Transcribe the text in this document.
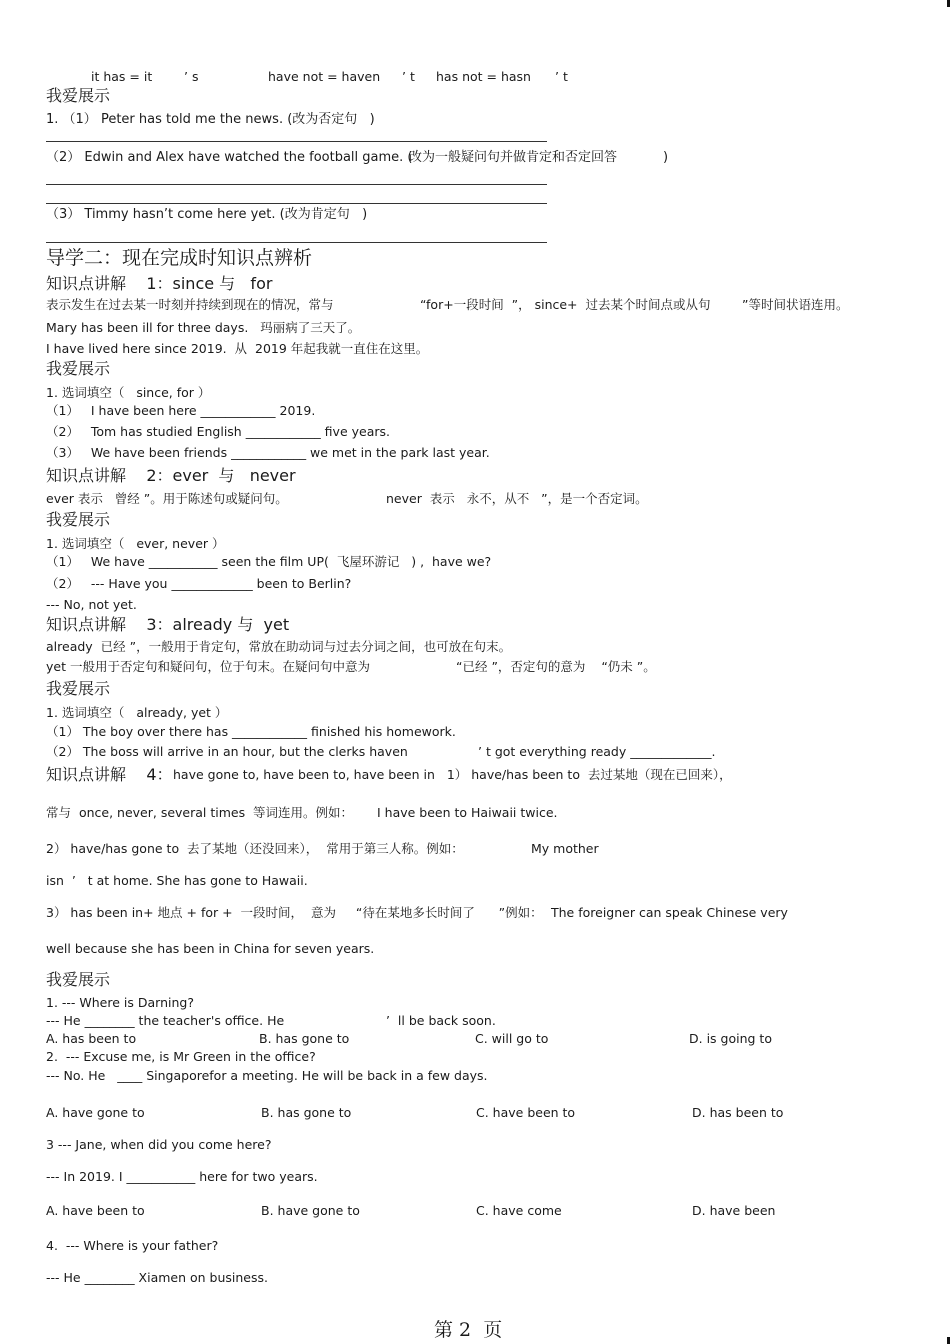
it has = it	’ s	have not = haven ’ t has not = hasn ’ t
我爱展示
1. （1） Peter has told me the news. (改为否定句   )
（2） Edwin and Alex have watched the football game. (
改为一般疑问句并做肯定和否定回答	)
（3） Timmy hasn’t come here yet. (改为肯定句   )
导学二：现在完成时知识点辨析
知识点讲解    1：since 与   for
表示发生在过去某一时刻并持续到现在的情况，常与	“for+一段时间  ”， since+  过去某个时间点或从句	”等时间状语连用。
Mary has been ill for three days.   玛丽病了三天了。
I have lived here since 2019.  从  2019 年起我就一直住在这里。
我爱展示
1. 选词填空（   since, for ）
（1）   I have been here ____________ 2019.
（2）   Tom has studied English ____________ five years.
（3）   We have been friends ____________ we met in the park last year.
知识点讲解    2：ever  与   never
ever 表示   曾经 ”。用于陈述句或疑问句。	never  表示   永不，从不   ”，是一个否定词。
我爱展示
1. 选词填空（   ever, never ）
（1）   We have ___________ seen the film UP(  飞屋环游记   ) ,  have we?
（2）   --- Have you _____________ been to Berlin?
--- No, not yet.
知识点讲解    3：already 与  yet
already  已经 ”，一般用于肯定句，常放在助动词与过去分词之间，也可放在句末。
yet 一般用于否定句和疑问句，位于句末。在疑问句中意为	“已经 ”，否定句的意为    “仍未 ”。
我爱展示
1. 选词填空（   already, yet ）
（1） The boy over there has ____________ finished his homework.
（2） The boss will arrive in an hour, but the clerks haven	’ t got everything ready _____________.
知识点讲解    4： have gone to, have been to, have been in   1） have/has been to  去过某地（现在已回来），
常与  once, never, several times  等词连用。例如： I have been to Haiwaii twice.
2） have/has gone to  去了某地（还没回来），  常用于第三人称。例如：	My mother
isn  ’   t at home. She has gone to Hawaii.
3） has been in+ 地点 + for +  一段时间，  意为     “待在某地多长时间了      ”例如： The foreigner can speak Chinese very
well because she has been in China for seven years.
我爱展示
1. --- Where is Darning?
--- He ________ the teacher's office. He	’  ll be back soon.
A. has been to	B. has gone to	C. will go to	D. is going to
2.  --- Excuse me, is Mr Green in the office?
--- No. He   ____ Singaporefor a meeting. He will be back in a few days.
A. have gone to	B. has gone to	C. have been to	D. has been to
3 --- Jane, when did you come here?
--- In 2019. I ___________ here for two years.
A. have been to	B. have gone to	C. have come	D. have been
4.  --- Where is your father?
--- He ________ Xiamen on business.
第 2  页
